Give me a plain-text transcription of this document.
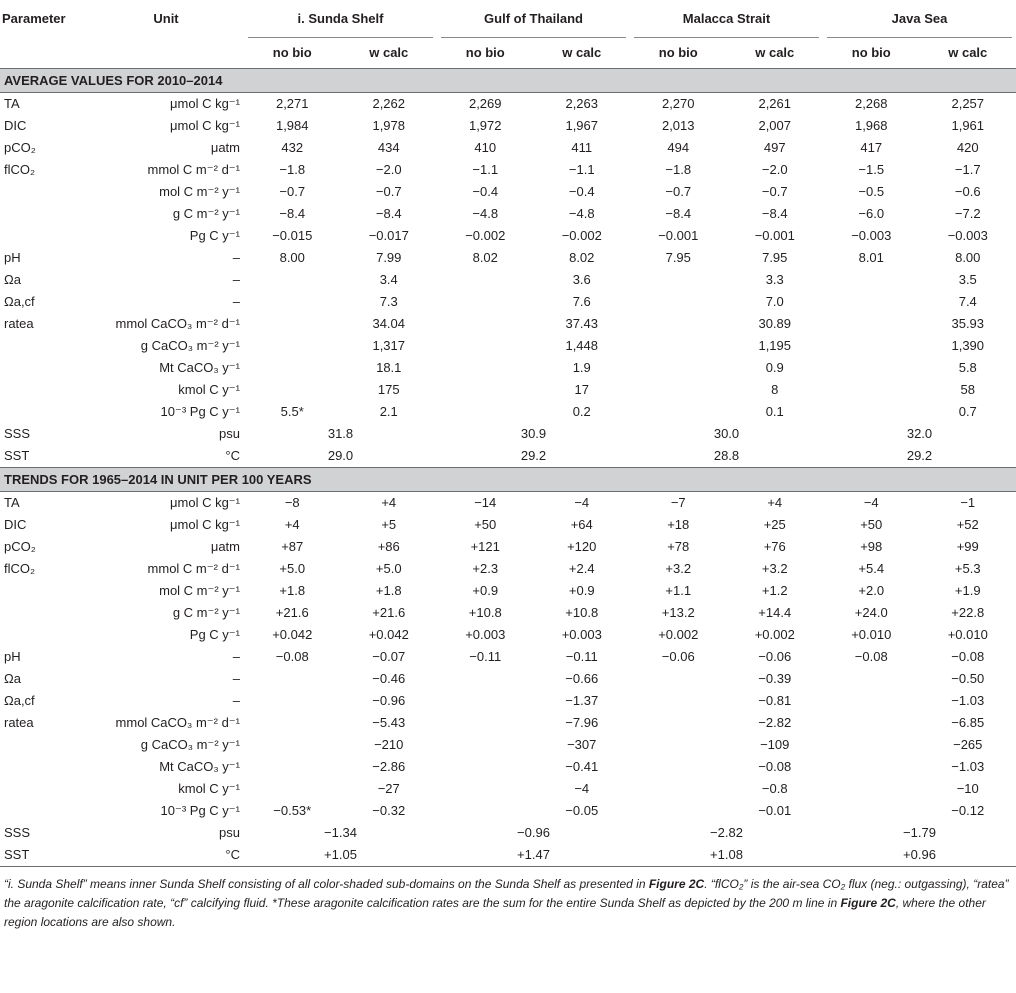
Parameter	Unit	i. Sunda Shelf		Gulf of Thailand		Malacca Strait		Java Sea	

		no bio	w calc	no bio	w calc	no bio	w calc	no bio	w calc
AVERAGE VALUES FOR 2010–2014									
TA	μmol C kg⁻¹	2,271	2,262	2,269	2,263	2,270	2,261	2,268	2,257
DIC	μmol C kg⁻¹	1,984	1,978	1,972	1,967	2,013	2,007	1,968	1,961
pCO₂	μatm	432	434	410	411	494	497	417	420
flCO₂	mmol C m⁻² d⁻¹	−1.8	−2.0	−1.1	−1.1	−1.8	−2.0	−1.5	−1.7
	mol C m⁻² y⁻¹	−0.7	−0.7	−0.4	−0.4	−0.7	−0.7	−0.5	−0.6
	g C m⁻² y⁻¹	−8.4	−8.4	−4.8	−4.8	−8.4	−8.4	−6.0	−7.2
	Pg C y⁻¹	−0.015	−0.017	−0.002	−0.002	−0.001	−0.001	−0.003	−0.003
pH	–	8.00	7.99	8.02	8.02	7.95	7.95	8.01	8.00
Ωa	–		3.4		3.6		3.3		3.5
Ωa,cf	–		7.3		7.6		7.0		7.4
ratea	mmol CaCO₃ m⁻² d⁻¹		34.04		37.43		30.89		35.93
	g CaCO₃ m⁻² y⁻¹		1,317		1,448		1,195		1,390
	Mt CaCO₃ y⁻¹		18.1		1.9		0.9		5.8
	kmol C y⁻¹		175		17		8		58
	10⁻³ Pg C y⁻¹	5.5*	2.1		0.2		0.1		0.7
SSS	psu	31.8		30.9		30.0		32.0	
SST	°C	29.0		29.2		28.8		29.2	
TRENDS FOR 1965–2014 IN UNIT PER 100 YEARS									
TA	μmol C kg⁻¹	−8	+4	−14	−4	−7	+4	−4	−1
DIC	μmol C kg⁻¹	+4	+5	+50	+64	+18	+25	+50	+52
pCO₂	μatm	+87	+86	+121	+120	+78	+76	+98	+99
flCO₂	mmol C m⁻² d⁻¹	+5.0	+5.0	+2.3	+2.4	+3.2	+3.2	+5.4	+5.3
	mol C m⁻² y⁻¹	+1.8	+1.8	+0.9	+0.9	+1.1	+1.2	+2.0	+1.9
	g C m⁻² y⁻¹	+21.6	+21.6	+10.8	+10.8	+13.2	+14.4	+24.0	+22.8
	Pg C y⁻¹	+0.042	+0.042	+0.003	+0.003	+0.002	+0.002	+0.010	+0.010
pH	–	−0.08	−0.07	−0.11	−0.11	−0.06	−0.06	−0.08	−0.08
Ωa	–		−0.46		−0.66		−0.39		−0.50
Ωa,cf	–		−0.96		−1.37		−0.81		−1.03
ratea	mmol CaCO₃ m⁻² d⁻¹		−5.43		−7.96		−2.82		−6.85
	g CaCO₃ m⁻² y⁻¹		−210		−307		−109		−265
	Mt CaCO₃ y⁻¹		−2.86		−0.41		−0.08		−1.03
	kmol C y⁻¹		−27		−4		−0.8		−10
	10⁻³ Pg C y⁻¹	−0.53*	−0.32		−0.05		−0.01		−0.12
SSS	psu	−1.34		−0.96		−2.82		−1.79	
SST	°C	+1.05		+1.47		+1.08		+0.96	
“i. Sunda Shelf” means inner Sunda Shelf consisting of all color-shaded sub-domains on the Sunda Shelf as presented in Figure 2C. “flCO₂” is the air-sea CO₂ flux (neg.: outgassing), “ratea” the aragonite calcification rate, “cf” calcifying fluid. *These aragonite calcification rates are the sum for the entire Sunda Shelf as depicted by the 200 m line in Figure 2C, where the other region locations are also shown.
